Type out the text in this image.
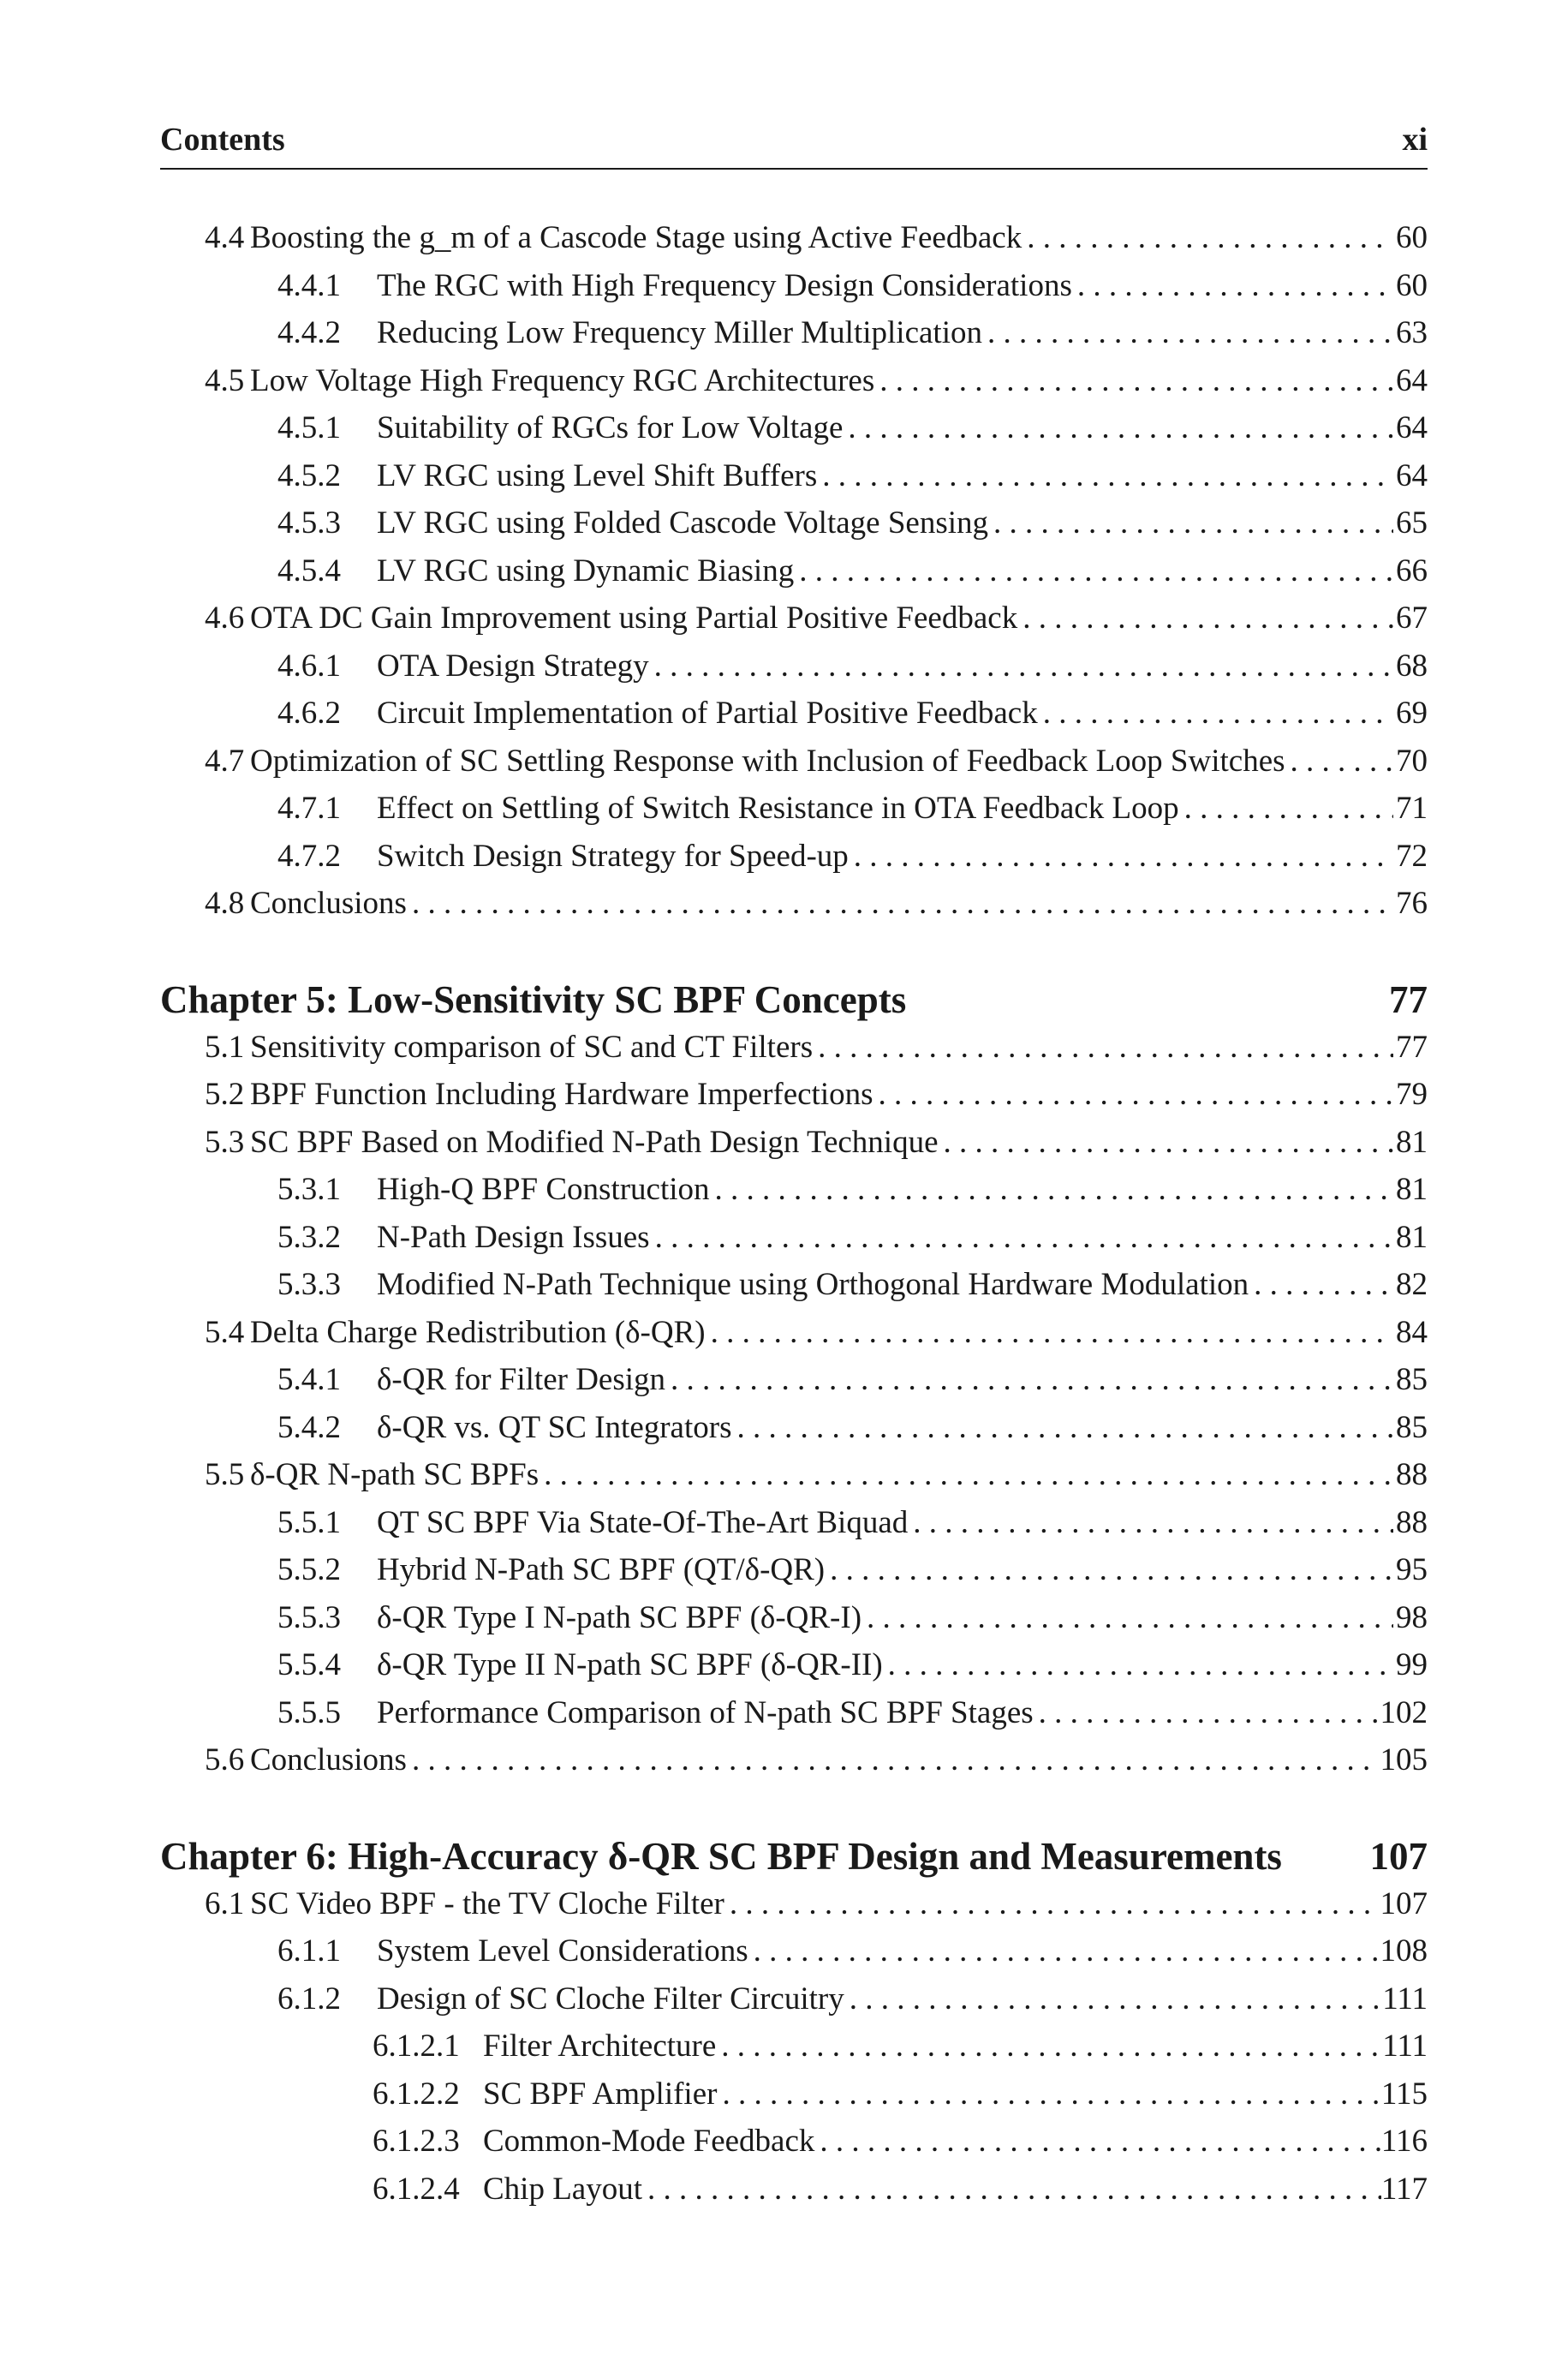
Contents	xi
4.4 Boosting the g_m of a Cascode Stage using Active Feedback . . .	60
4.4.1	The RGC with High Frequency Design Considerations . . .	60
4.4.2	Reducing Low Frequency Miller Multiplication . . .	63
4.5 Low Voltage High Frequency RGC Architectures . . .	64
4.5.1	Suitability of RGCs for Low Voltage . . .	64
4.5.2	LV RGC using Level Shift Buffers . . .	64
4.5.3	LV RGC using Folded Cascode Voltage Sensing . . .	65
4.5.4	LV RGC using Dynamic Biasing . . .	66
4.6 OTA DC Gain Improvement using Partial Positive Feedback . . .	67
4.6.1	OTA Design Strategy . . .	68
4.6.2	Circuit Implementation of Partial Positive Feedback . . .	69
4.7 Optimization of SC Settling Response with Inclusion of Feedback Loop Switches . . .	70
4.7.1	Effect on Settling of Switch Resistance in OTA Feedback Loop . . .	71
4.7.2	Switch Design Strategy for Speed-up . . .	72
4.8 Conclusions . . .	76
Chapter 5: Low-Sensitivity SC BPF Concepts	77
5.1 Sensitivity comparison of SC and CT Filters . . .	77
5.2 BPF Function Including Hardware Imperfections . . .	79
5.3 SC BPF Based on Modified N-Path Design Technique . . .	81
5.3.1	High-Q BPF Construction . . .	81
5.3.2	N-Path Design Issues . . .	81
5.3.3	Modified N-Path Technique using Orthogonal Hardware Modulation . . .	82
5.4 Delta Charge Redistribution (δ-QR) . . .	84
5.4.1	δ-QR for Filter Design . . .	85
5.4.2	δ-QR vs. QT SC Integrators . . .	85
5.5 δ-QR N-path SC BPFs . . .	88
5.5.1	QT SC BPF Via State-Of-The-Art Biquad . . .	88
5.5.2	Hybrid N-Path SC BPF (QT/δ-QR) . . .	95
5.5.3	δ-QR Type I N-path SC BPF (δ-QR-I) . . .	98
5.5.4	δ-QR Type II N-path SC BPF (δ-QR-II) . . .	99
5.5.5	Performance Comparison of N-path SC BPF Stages . . .	102
5.6 Conclusions . . .	105
Chapter 6: High-Accuracy δ-QR SC BPF Design and Measurements	107
6.1 SC Video BPF - the TV Cloche Filter . . .	107
6.1.1	System Level Considerations . . .	108
6.1.2	Design of SC Cloche Filter Circuitry . . .	111
6.1.2.1 Filter Architecture . . .	111
6.1.2.2 SC BPF Amplifier . . .	115
6.1.2.3 Common-Mode Feedback . . .	116
6.1.2.4 Chip Layout . . .	117
